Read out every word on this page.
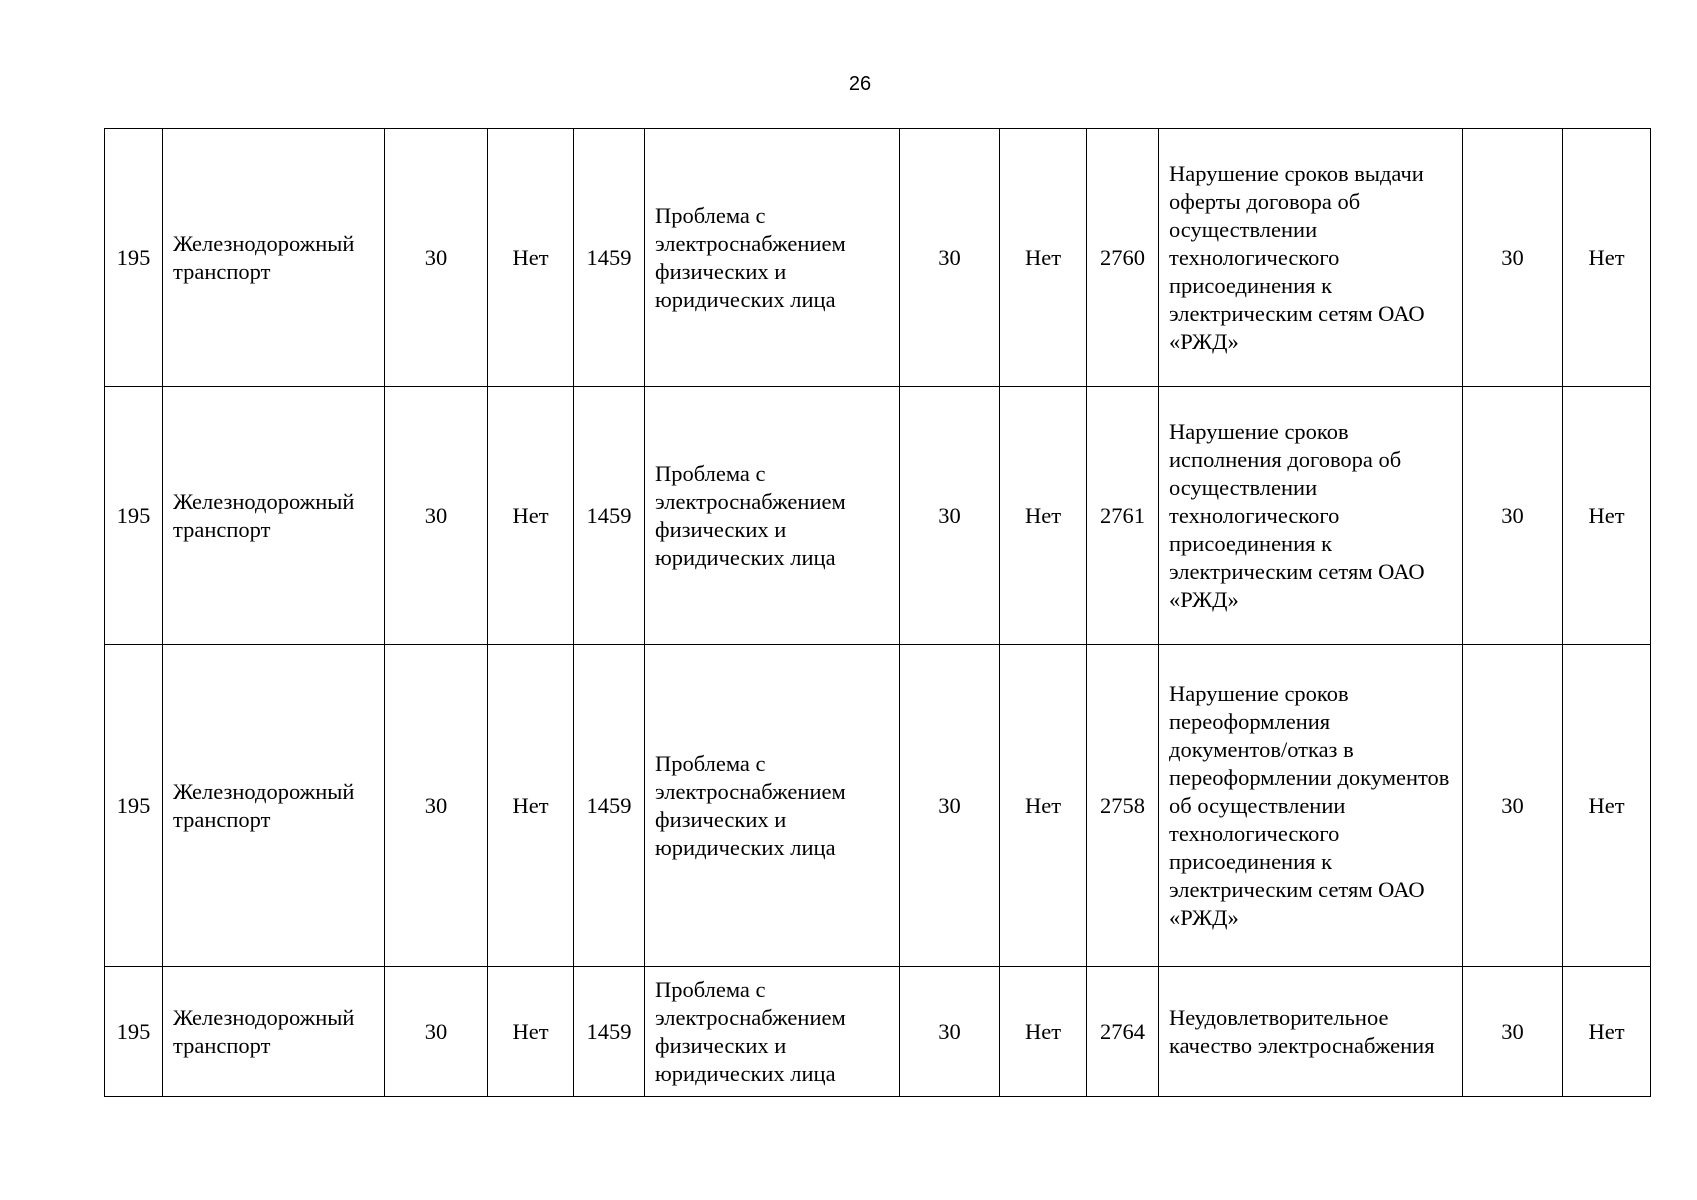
26
195	Железнодорожный транспорт	30	Нет	1459	Проблема с электроснабжением физических и юридических лица	30	Нет	2760	Нарушение сроков выдачи оферты договора об осуществлении технологического присоединения к электрическим сетям ОАО «РЖД»	30	Нет
195	Железнодорожный транспорт	30	Нет	1459	Проблема с электроснабжением физических и юридических лица	30	Нет	2761	Нарушение сроков исполнения договора об осуществлении технологического присоединения к электрическим сетям ОАО «РЖД»	30	Нет
195	Железнодорожный транспорт	30	Нет	1459	Проблема с электроснабжением физических и юридических лица	30	Нет	2758	Нарушение сроков переоформления документов/отказ в переоформлении документов об осуществлении технологического присоединения к электрическим сетям ОАО «РЖД»	30	Нет
195	Железнодорожный транспорт	30	Нет	1459	Проблема с электроснабжением физических и юридических лица	30	Нет	2764	Неудовлетворительное качество электроснабжения	30	Нет
